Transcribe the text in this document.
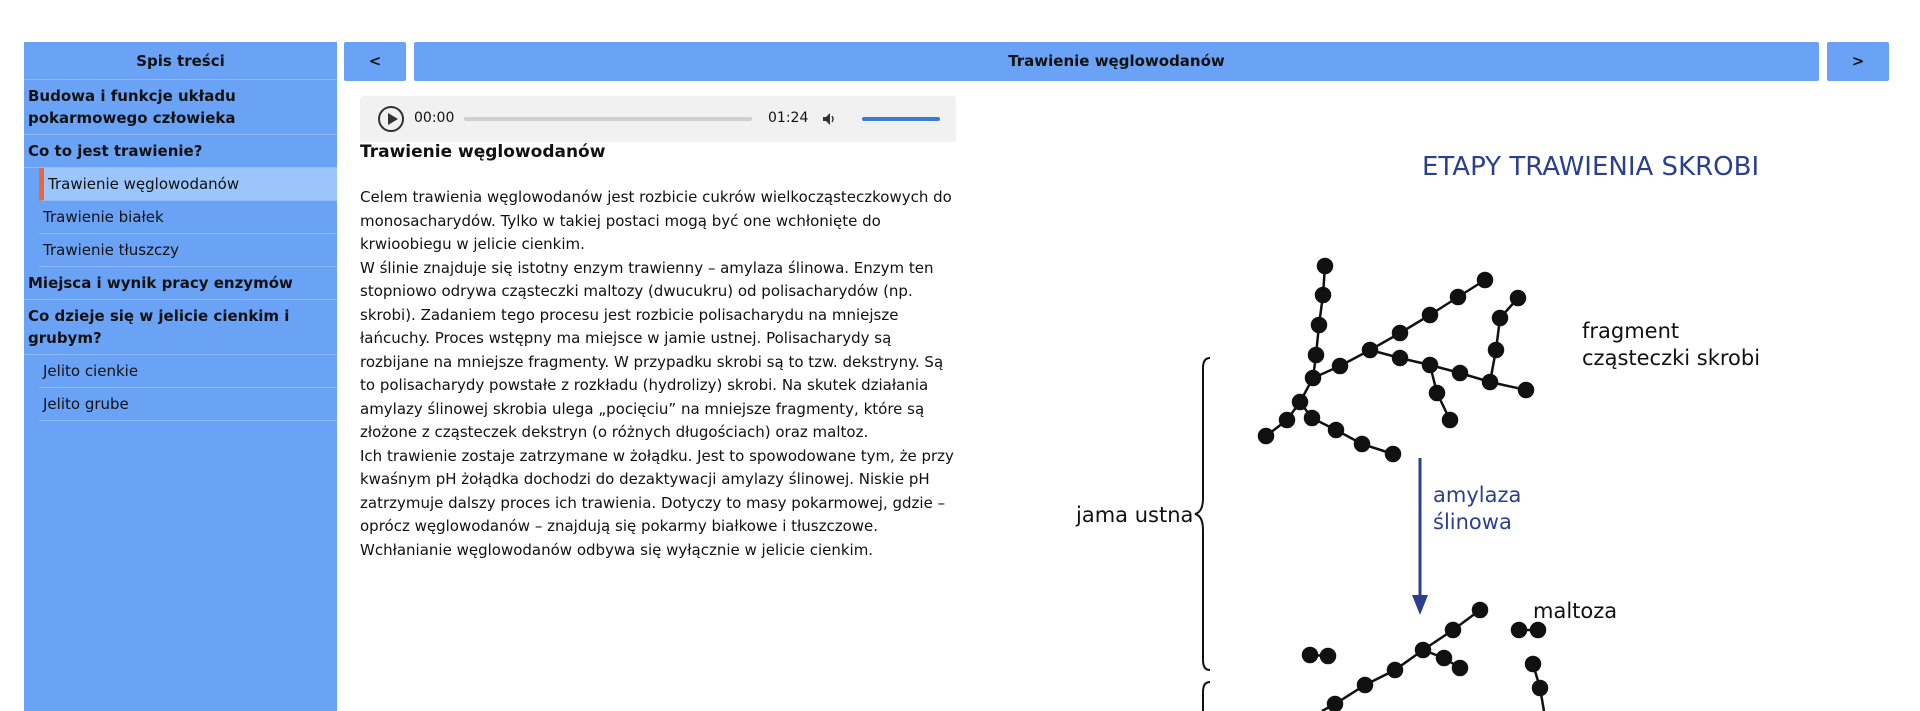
Spis treści
Budowa i funkcje układu pokarmowego człowieka
Co to jest trawienie?
Trawienie węglowodanów
Trawienie białek
Trawienie tłuszczy
Miejsca i wynik pracy enzymów
Co dzieje się w jelicie cienkim i grubym?
Jelito cienkie
Jelito grube
<	Trawienie węglowodanów	>
00:00	01:24
Trawienie węglowodanów

Celem trawienia węglowodanów jest rozbicie cukrów wielkocząsteczkowych do monosacharydów. Tylko w takiej postaci mogą być one wchłonięte do krwioobiegu w jelicie cienkim.

W ślinie znajduje się istotny enzym trawienny – amylaza ślinowa. Enzym ten stopniowo odrywa cząsteczki maltozy (dwucukru) od polisacharydów (np. skrobi). Zadaniem tego procesu jest rozbicie polisacharydu na mniejsze łańcuchy. Proces wstępny ma miejsce w jamie ustnej. Polisacharydy są rozbijane na mniejsze fragmenty. W przypadku skrobi są to tzw. dekstryny. Są to polisacharydy powstałe z rozkładu (hydrolizy) skrobi. Na skutek działania amylazy ślinowej skrobia ulega „pocięciu” na mniejsze fragmenty, które są złożone z cząsteczek dekstryn (o różnych długościach) oraz maltoz.

Ich trawienie zostaje zatrzymane w żołądku. Jest to spowodowane tym, że przy kwaśnym pH żołądka dochodzi do dezaktywacji amylazy ślinowej. Niskie pH zatrzymuje dalszy proces ich trawienia. Dotyczy to masy pokarmowej, gdzie – oprócz węglowodanów – znajdują się pokarmy białkowe i tłuszczowe.

Wchłanianie węglowodanów odbywa się wyłącznie w jelicie cienkim.

ETAPY TRAWIENIA SKROBI
fragment
cząsteczki skrobi
amylaza
ślinowa
jama ustna
maltoza
